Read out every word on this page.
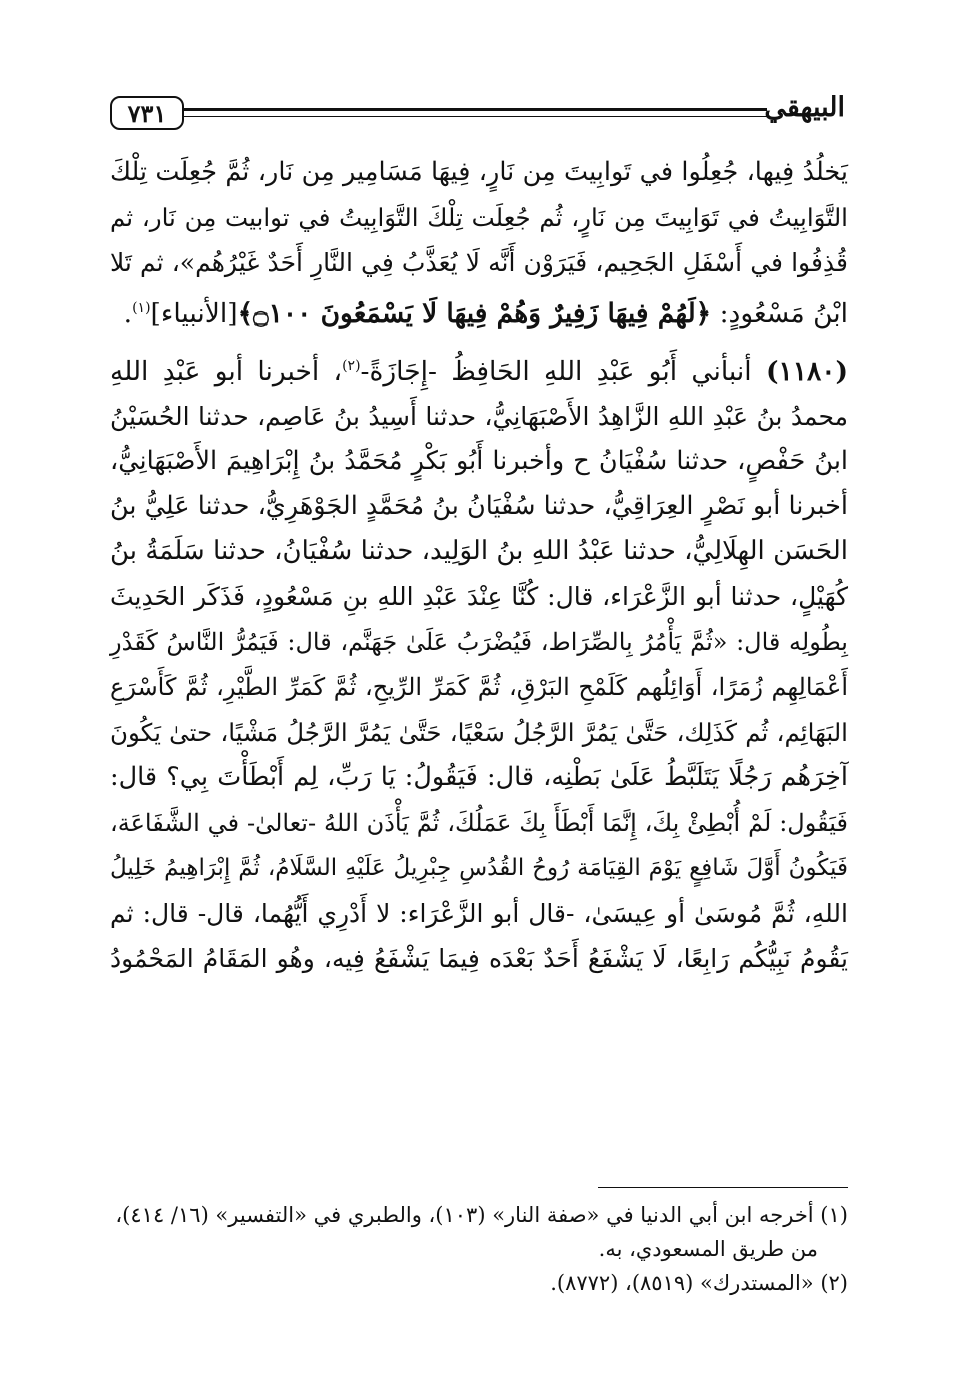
٧٣١	البيهقي

يَخلُدُ فِيها، جُعِلُوا في تَوابِيتَ مِن نَارٍ، فِيهَا مَسَامِير مِن نَار، ثُمَّ جُعِلَت تِلْكَ
التَّوَابِيتُ في تَوَابِيتَ مِن نَارٍ، ثُم جُعِلَت تِلْكَ التَّوَابِيتُ في توابيت مِن نَار، ثم
قُذِفُوا في أَسْفَلِ الجَحِيم، فَيَرَوْن أَنَّه لَا يُعَذَّبُ فِي النَّارِ أَحَدٌ غَيْرُهُم»، ثم تَلا
ابْنُ مَسْعُودٍ: ﴿لَهُمْ فِيهَا زَفِيرٌ وَهُمْ فِيهَا لَا يَسْمَعُونَ ۝١٠٠﴾[الأنبياء]$^{(١)}$.

(١١٨٠) أنبأني أَبُو عَبْدِ اللهِ الحَافِظُ -إِجَازَةً-$^{(٢)}$، أخبرنا أبو عَبْدِ اللهِ
محمدُ بنُ عَبْدِ اللهِ الزَّاهِدُ الأَصْبَهَانِيُّ، حدثنا أَسِيدُ بنُ عَاصِم، حدثنا الحُسَيْنُ
ابنُ حَفْصٍ، حدثنا سُفْيَانُ ح وأخبرنا أَبُو بَكْرٍ مُحَمَّدُ بنُ إِبْرَاهِيمَ الأَصْبَهَانِيُّ،
أخبرنا أبو نَصْرٍ العِرَاقِيُّ، حدثنا سُفْيَانُ بنُ مُحَمَّدٍ الجَوْهَرِيُّ، حدثنا عَلِيُّ بنُ
الحَسَن الهِلَالِيُّ، حدثنا عَبْدُ اللهِ بنُ الوَلِيد، حدثنا سُفْيَانُ، حدثنا سَلَمَةُ بنُ
كُهَيْلٍ، حدثنا أبو الزَّعْرَاء، قال: كُنَّا عِنْدَ عَبْدِ اللهِ بنِ مَسْعُودٍ، فَذَكَر الحَدِيثَ
بِطُولِه قال: «ثُمَّ يَأْمُرُ بِالصِّرَاط، فَيُضْرَبُ عَلَىٰ جَهَنَّم، قال: فَيَمُرُّ النَّاسُ كَقَدْرِ
أَعْمَالِهِم زُمَرًا، أَوَائِلُهم كَلَمْحِ البَرْقِ، ثُمَّ كَمَرِّ الرِّيحِ، ثُمَّ كَمَرِّ الطَّيْرِ، ثُمَّ كَأَسْرَعِ
البَهَائِم، ثُم كَذَلِك، حَتَّىٰ يَمُرَّ الرَّجُلُ سَعْيًا، حَتَّىٰ يَمُرَّ الرَّجُلُ مَشْيًا، حتىٰ يَكُونَ
آخِرَهُم رَجُلًا يَتَلَبَّطُ عَلَىٰ بَطْنِه، قال: فَيَقُولُ: يَا رَبِّ، لِم أَبْطَأْتَ بِي؟ قال:
فَيَقُول: لَمْ أُبْطِئْ بِكَ، إِنَّمَا أَبْطَأَ بِكَ عَمَلُكَ، ثُمَّ يَأْذَن اللهُ -تعالىٰ- في الشَّفَاعَة،
فَيَكُونُ أَوَّلَ شَافِعٍ يَوْمَ القِيَامَة رُوحُ القُدُسِ جِبْرِيلُ عَلَيْهِ السَّلَامُ، ثُمَّ إِبْرَاهِيمُ خَلِيلُ
اللهِ، ثُمَّ مُوسَىٰ أو عِيسَىٰ، -قال أبو الزَّعْرَاء: لا أَدْرِي أَيُّهُما، قال- قال: ثم
يَقُومُ نَبِيُّكُم رَابِعًا، لَا يَشْفَعُ أَحَدٌ بَعْدَه فِيمَا يَشْفَعُ فِيه، وهُو المَقَامُ المَحْمُودُ

(١) أخرجه ابن أبي الدنيا في «صفة النار» (١٠٣)، والطبري في «التفسير» (١٦/ ٤١٤)،

من طريق المسعودي، به.

(٢) «المستدرك» (٨٥١٩)، (٨٧٧٢).
